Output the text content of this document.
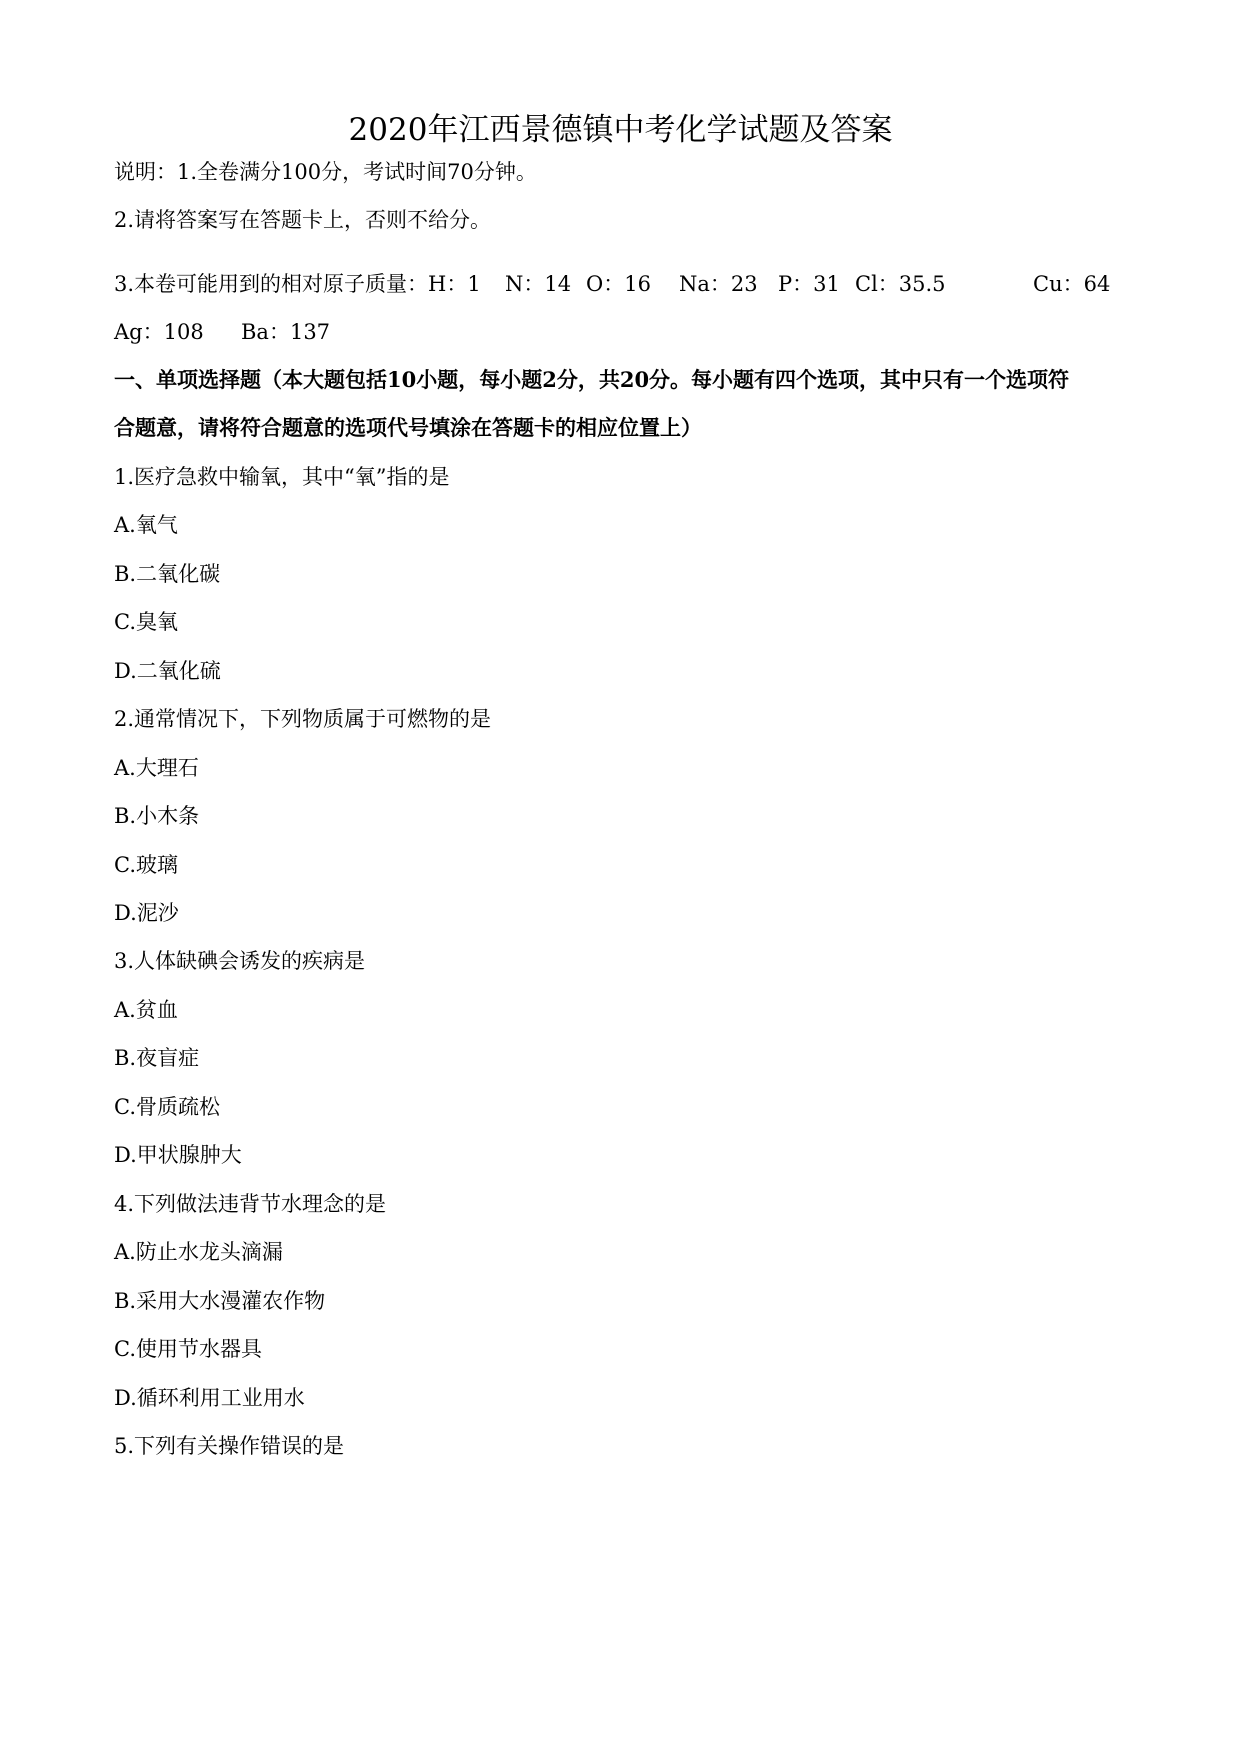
2020年江西景德镇中考化学试题及答案

说明：1.全卷满分100分，考试时间70分钟。

2.请将答案写在答题卡上，否则不给分。

3.本卷可能用到的相对原子质量：H：1 N：14 O：16 Na：23 P：31 Cl：35.5	Cu：64
Ag：108 Ba：137

一、单项选择题（本大题包括10小题，每小题2分，共20分。每小题有四个选项，其中只有一个选项符

合题意，请将符合题意的选项代号填涂在答题卡的相应位置上）

1.医疗急救中输氧，其中“氧”指的是

A.氧气

B.二氧化碳

C.臭氧

D.二氧化硫

2.通常情况下，下列物质属于可燃物的是

A.大理石

B.小木条

C.玻璃

D.泥沙

3.人体缺碘会诱发的疾病是

A.贫血

B.夜盲症

C.骨质疏松

D.甲状腺肿大

4.下列做法违背节水理念的是

A.防止水龙头滴漏

B.采用大水漫灌农作物

C.使用节水器具

D.循环利用工业用水

5.下列有关操作错误的是
